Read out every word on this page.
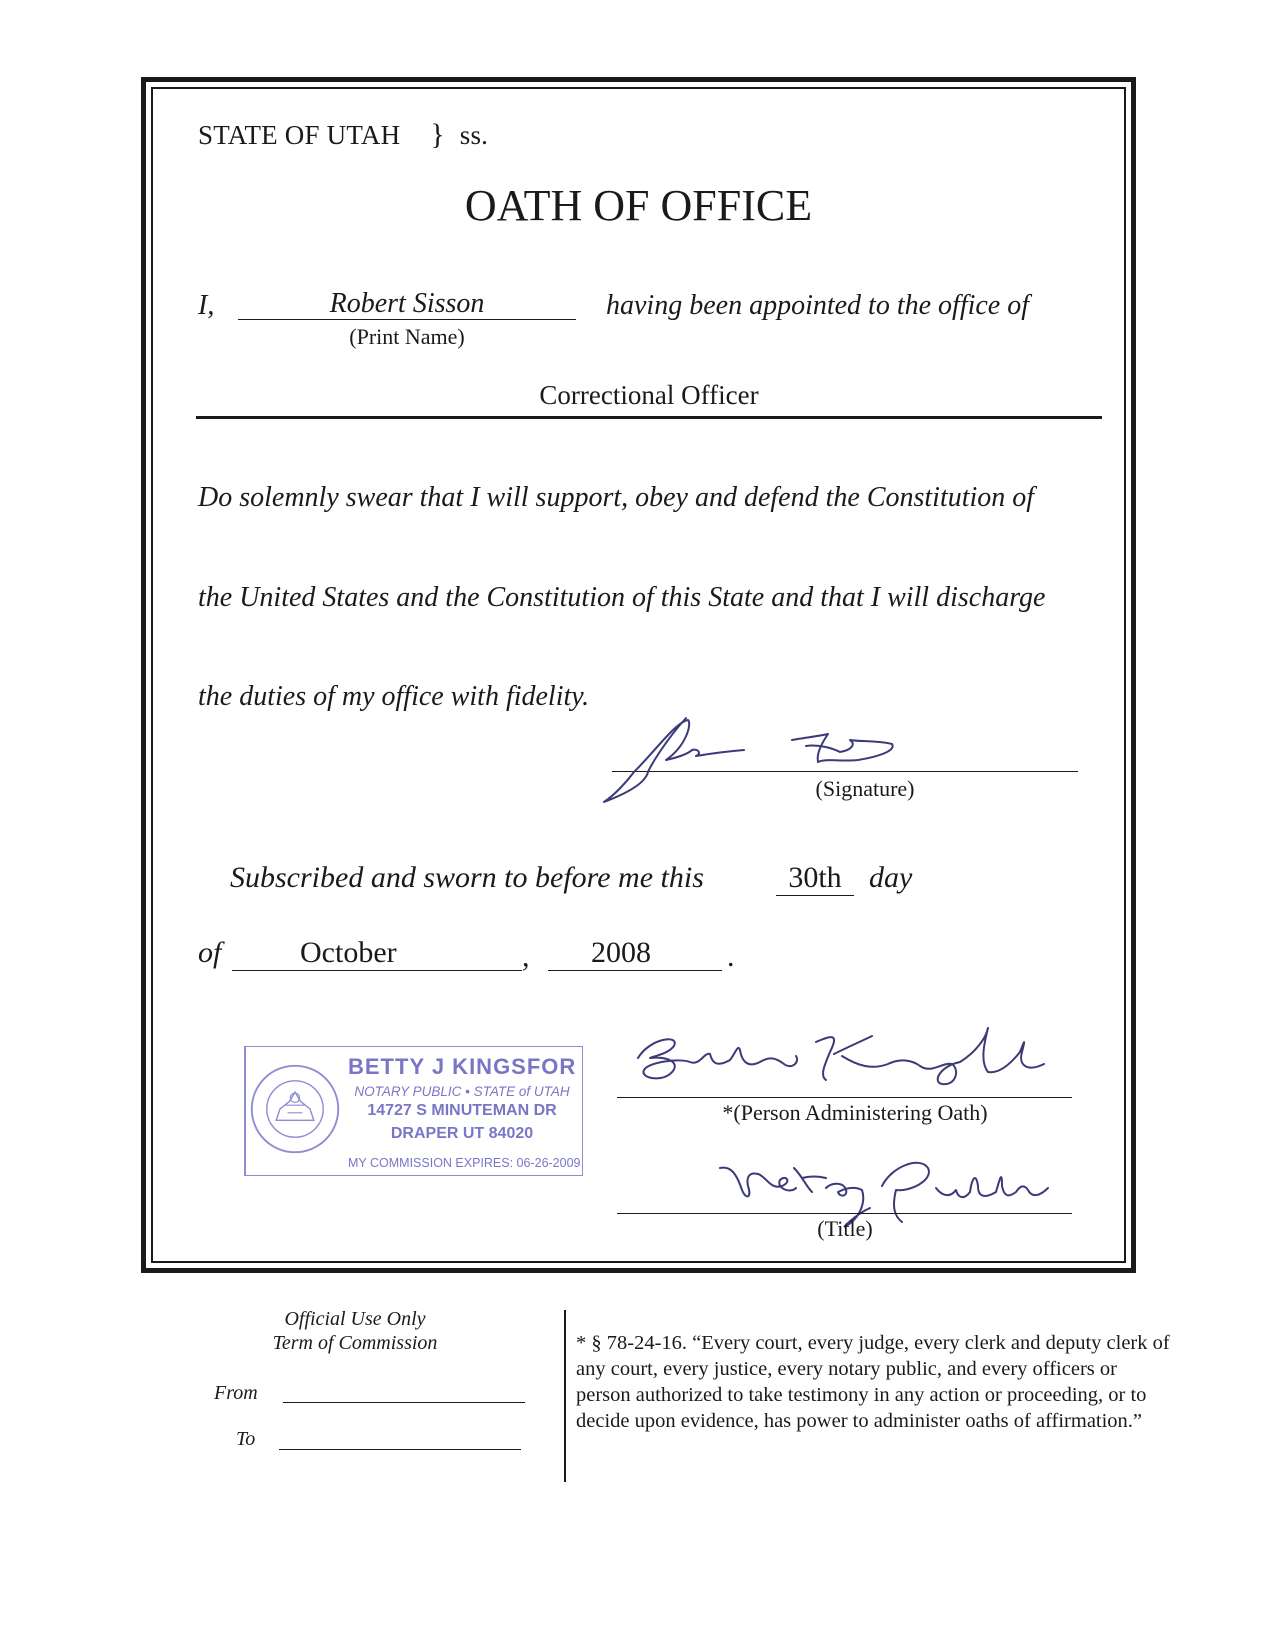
STATE OF UTAH } ss.
OATH OF OFFICE
I,	Robert Sisson
(Print Name)
having been appointed to the office of
Correctional Officer
Do solemnly swear that I will support, obey and defend the Constitution of
the United States and the Constitution of this State and that I will discharge
the duties of my office with fidelity.
(Signature)
Subscribed and sworn to before me this	30th day
of	October	,	2008	.
BETTY J KINGSFOR
NOTARY PUBLIC • STATE of UTAH
14727 S MINUTEMAN DR
DRAPER UT 84020
MY COMMISSION EXPIRES: 06-26-2009
*(Person Administering Oath)
(Title)
Official Use Only
Term of Commission
From
To
* § 78-24-16. “Every court, every judge, every clerk and deputy clerk of any court, every justice, every notary public, and every officers or person authorized to take testimony in any action or proceeding, or to decide upon evidence, has power to administer oaths of affirmation.”
